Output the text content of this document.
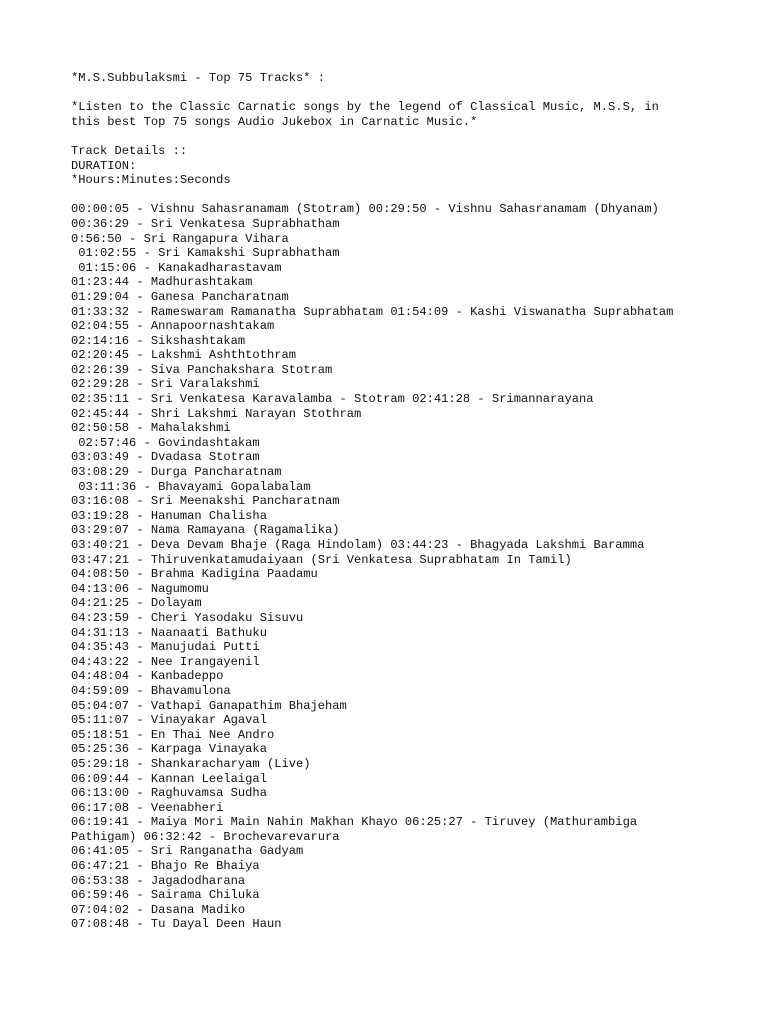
*M.S.Subbulaksmi - Top 75 Tracks* :
*Listen to the Classic Carnatic songs by the legend of Classical Music, M.S.S, in
this best Top 75 songs Audio Jukebox in Carnatic Music.*
Track Details ::
DURATION:
*Hours:Minutes:Seconds
00:00:05 - Vishnu Sahasranamam (Stotram) 00:29:50 - Vishnu Sahasranamam (Dhyanam)
00:36:29 - Sri Venkatesa Suprabhatham
0:56:50 - Sri Rangapura Vihara
01:02:55 - Sri Kamakshi Suprabhatham
01:15:06 - Kanakadharastavam
01:23:44 - Madhurashtakam
01:29:04 - Ganesa Pancharatnam
01:33:32 - Rameswaram Ramanatha Suprabhatam 01:54:09 - Kashi Viswanatha Suprabhatam
02:04:55 - Annapoornashtakam
02:14:16 - Sikshashtakam
02:20:45 - Lakshmi Ashthtothram
02:26:39 - Siva Panchakshara Stotram
02:29:28 - Sri Varalakshmi
02:35:11 - Sri Venkatesa Karavalamba - Stotram 02:41:28 - Srimannarayana
02:45:44 - Shri Lakshmi Narayan Stothram
02:50:58 - Mahalakshmi
02:57:46 - Govindashtakam
03:03:49 - Dvadasa Stotram
03:08:29 - Durga Pancharatnam
03:11:36 - Bhavayami Gopalabalam
03:16:08 - Sri Meenakshi Pancharatnam
03:19:28 - Hanuman Chalisha
03:29:07 - Nama Ramayana (Ragamalika)
03:40:21 - Deva Devam Bhaje (Raga Hindolam) 03:44:23 - Bhagyada Lakshmi Baramma
03:47:21 - Thiruvenkatamudaiyaan (Sri Venkatesa Suprabhatam In Tamil)
04:08:50 - Brahma Kadigina Paadamu
04:13:06 - Nagumomu
04:21:25 - Dolayam
04:23:59 - Cheri Yasodaku Sisuvu
04:31:13 - Naanaati Bathuku
04:35:43 - Manujudai Putti
04:43:22 - Nee Irangayenil
04:48:04 - Kanbadeppo
04:59:09 - Bhavamulona
05:04:07 - Vathapi Ganapathim Bhajeham
05:11:07 - Vinayakar Agaval
05:18:51 - En Thai Nee Andro
05:25:36 - Karpaga Vinayaka
05:29:18 - Shankaracharyam (Live)
06:09:44 - Kannan Leelaigal
06:13:00 - Raghuvamsa Sudha
06:17:08 - Veenabheri
06:19:41 - Maiya Mori Main Nahin Makhan Khayo 06:25:27 - Tiruvey (Mathurambiga
Pathigam) 06:32:42 - Brochevarevarura
06:41:05 - Sri Ranganatha Gadyam
06:47:21 - Bhajo Re Bhaiya
06:53:38 - Jagadodharana
06:59:46 - Sairama Chiluka
07:04:02 - Dasana Madiko
07:08:48 - Tu Dayal Deen Haun
